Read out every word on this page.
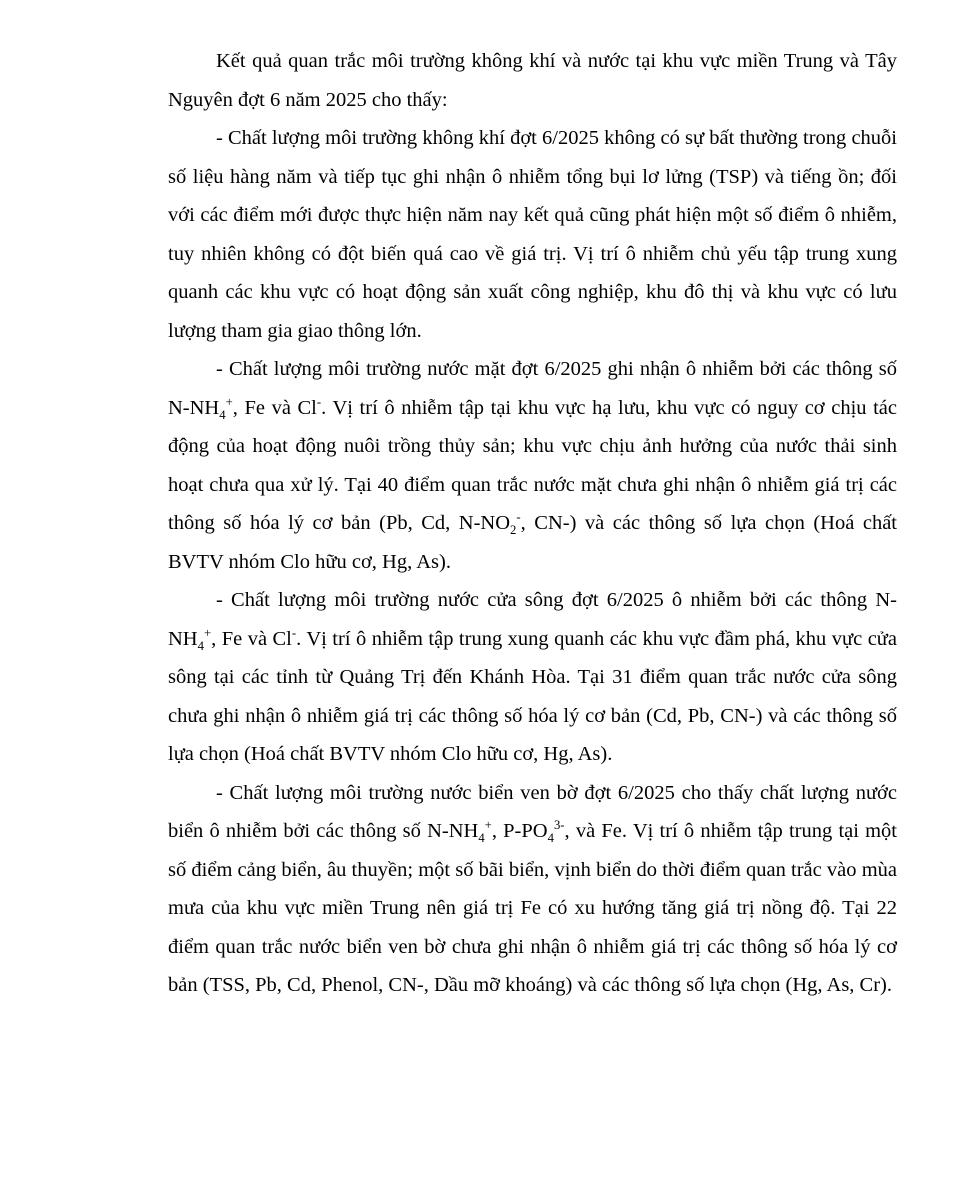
Kết quả quan trắc môi trường không khí và nước tại khu vực miền Trung và Tây Nguyên đợt 6 năm 2025 cho thấy:

- Chất lượng môi trường không khí đợt 6/2025 không có sự bất thường trong chuỗi số liệu hàng năm và tiếp tục ghi nhận ô nhiễm tổng bụi lơ lửng (TSP) và tiếng ồn; đối với các điểm mới được thực hiện năm nay kết quả cũng phát hiện một số điểm ô nhiễm, tuy nhiên không có đột biến quá cao về giá trị. Vị trí ô nhiễm chủ yếu tập trung xung quanh các khu vực có hoạt động sản xuất công nghiệp, khu đô thị và khu vực có lưu lượng tham gia giao thông lớn.

- Chất lượng môi trường nước mặt đợt 6/2025 ghi nhận ô nhiễm bởi các thông số $N-NH_4^+$, Fe và Cl-. Vị trí ô nhiễm tập tại khu vực hạ lưu, khu vực có nguy cơ chịu tác động của hoạt động nuôi trồng thủy sản; khu vực chịu ảnh hưởng của nước thải sinh hoạt chưa qua xử lý. Tại 40 điểm quan trắc nước mặt chưa ghi nhận ô nhiễm giá trị các thông số hóa lý cơ bản (Pb, Cd, $N-NO_2^-$, CN-) và các thông số lựa chọn (Hoá chất BVTV nhóm Clo hữu cơ, Hg, As).

- Chất lượng môi trường nước cửa sông đợt 6/2025 ô nhiễm bởi các thông $N-NH_4^+$, Fe và Cl-. Vị trí ô nhiễm tập trung xung quanh các khu vực đầm phá, khu vực cửa sông tại các tỉnh từ Quảng Trị đến Khánh Hòa. Tại 31 điểm quan trắc nước cửa sông chưa ghi nhận ô nhiễm giá trị các thông số hóa lý cơ bản (Cd, Pb, CN-) và các thông số lựa chọn (Hoá chất BVTV nhóm Clo hữu cơ, Hg, As).

- Chất lượng môi trường nước biển ven bờ đợt 6/2025 cho thấy chất lượng nước biển ô nhiễm bởi các thông số $N-NH_4^+$, $P-PO_4^{3-}$, và Fe. Vị trí ô nhiễm tập trung tại một số điểm cảng biển, âu thuyền; một số bãi biển, vịnh biển do thời điểm quan trắc vào mùa mưa của khu vực miền Trung nên giá trị Fe có xu hướng tăng giá trị nồng độ. Tại 22 điểm quan trắc nước biển ven bờ chưa ghi nhận ô nhiễm giá trị các thông số hóa lý cơ bản (TSS, Pb, Cd, Phenol, CN-, Dầu mỡ khoáng) và các thông số lựa chọn (Hg, As, Cr).
